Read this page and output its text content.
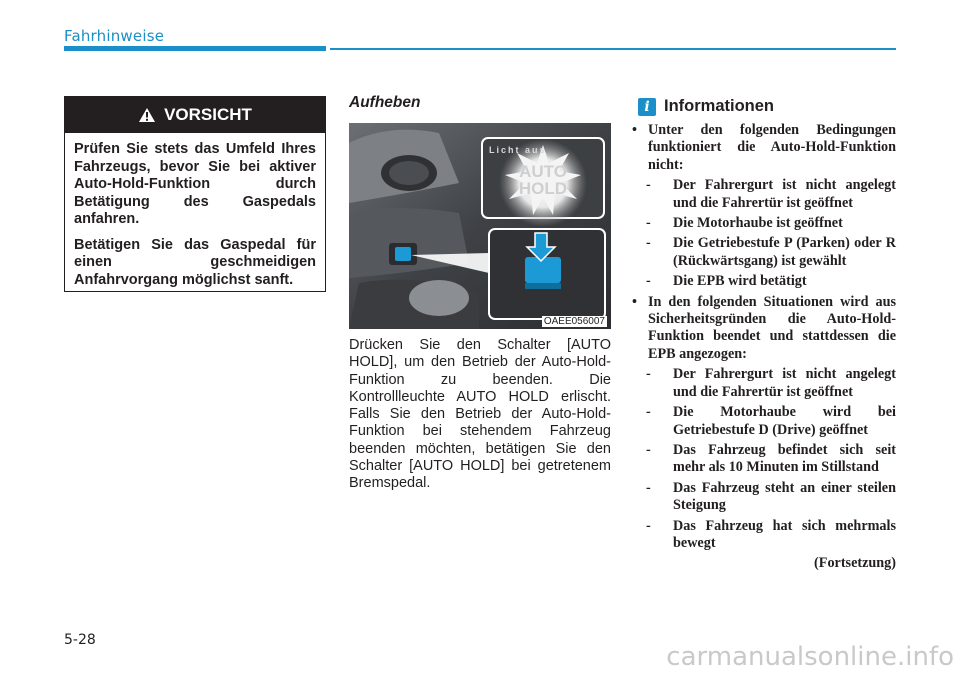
Fahrhinweise
VORSICHT

Prüfen Sie stets das Umfeld Ihres Fahrzeugs, bevor Sie bei aktiver Auto-Hold-Funktion durch Betätigung des Gaspedals anfahren.

Betätigen Sie das Gaspedal für einen geschmeidigen Anfahrvorgang möglichst sanft.

Aufheben
Licht aus
AUTO
HOLD
OAEE056007
Drücken Sie den Schalter [AUTO HOLD], um den Betrieb der Auto-Hold-Funktion zu beenden. Die Kontrollleuchte AUTO HOLD erlischt. Falls Sie den Betrieb der Auto-Hold-Funktion bei stehendem Fahrzeug beenden möchten, betätigen Sie den Schalter [AUTO HOLD] bei getretenem Bremspedal.
i Informationen
• Unter den folgenden Bedingungen funktioniert die Auto-Hold-Funktion nicht:
- Der Fahrergurt ist nicht angelegt und die Fahrertür ist geöffnet
- Die Motorhaube ist geöffnet
- Die Getriebestufe P (Parken) oder R (Rückwärtsgang) ist gewählt
- Die EPB wird betätigt
• In den folgenden Situationen wird aus Sicherheitsgründen die Auto-Hold-Funktion beendet und stattdessen die EPB angezogen:
- Der Fahrergurt ist nicht angelegt und die Fahrertür ist geöffnet
- Die Motorhaube wird bei Getriebestufe D (Drive) geöffnet
- Das Fahrzeug befindet sich seit mehr als 10 Minuten im Stillstand
- Das Fahrzeug steht an einer steilen Steigung
- Das Fahrzeug hat sich mehrmals bewegt
(Fortsetzung)
5-28
carmanualsonline.info
